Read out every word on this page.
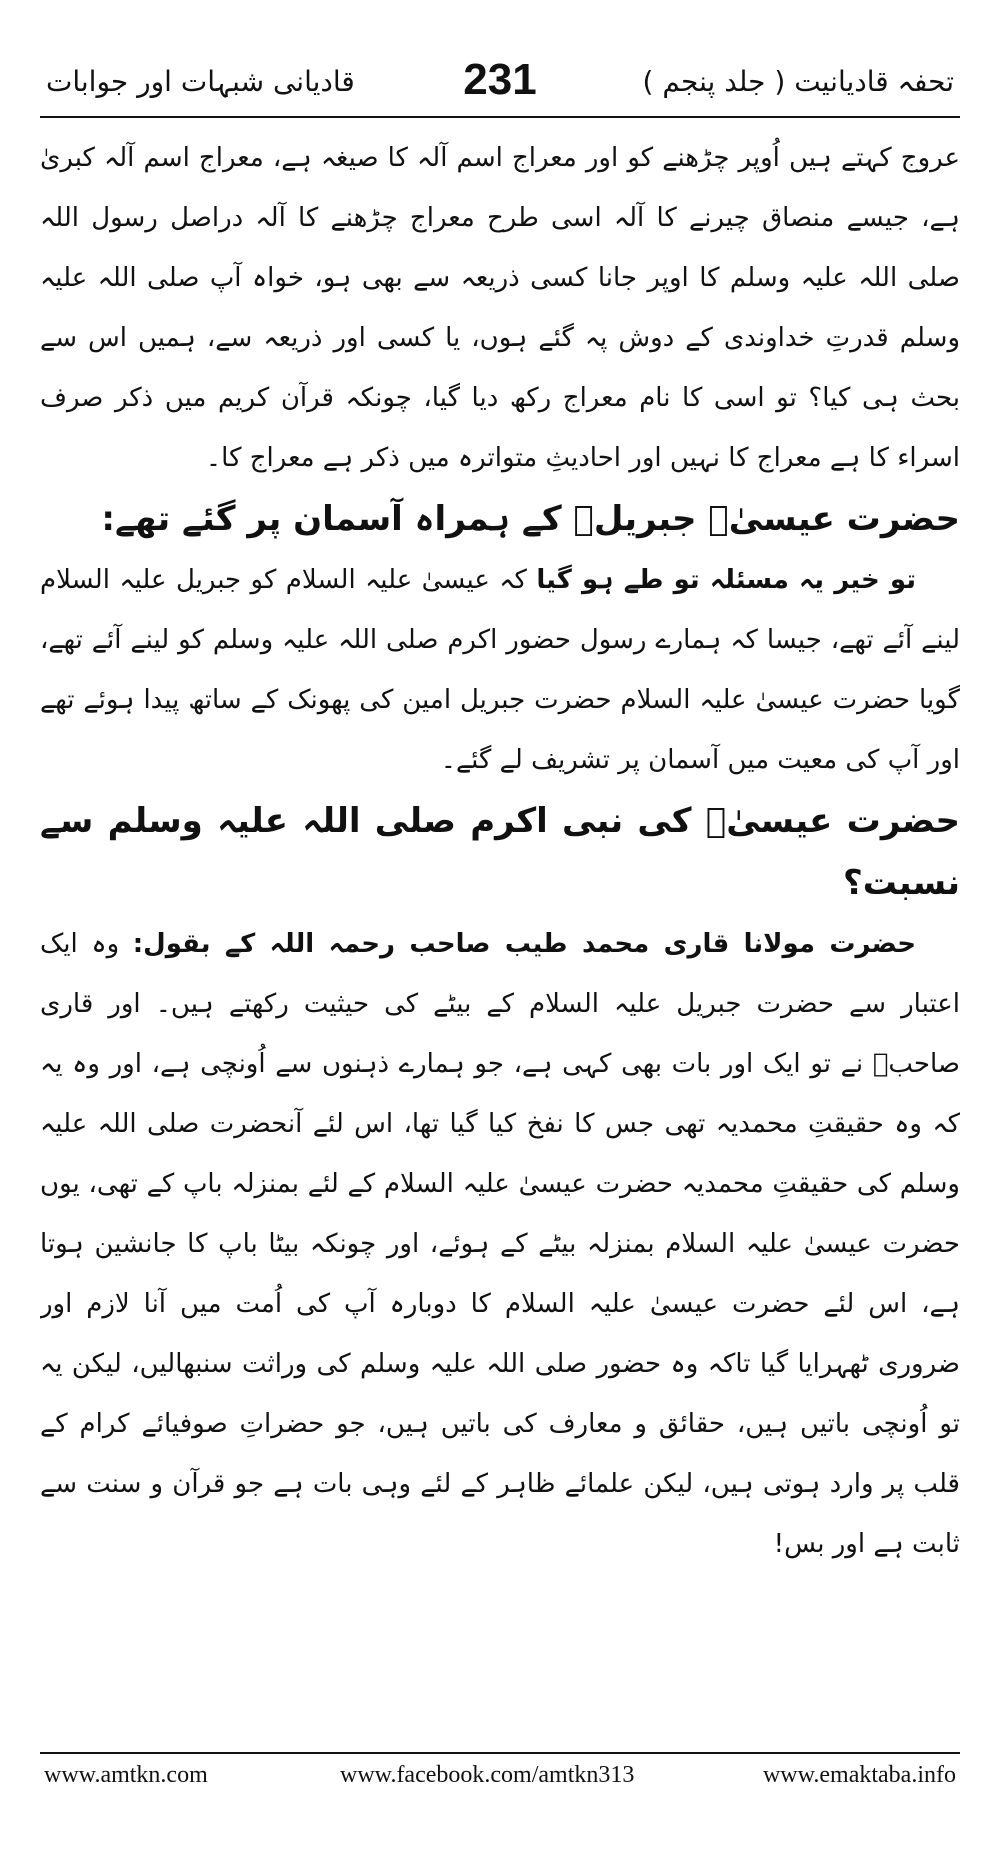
قادیانی شبہات اور جوابات	231	تحفہ قادیانیت ( جلد پنجم )

عروج کہتے ہیں اُوپر چڑھنے کو اور معراج اسم آلہ کا صیغہ ہے، معراج اسم آلہ کبریٰ ہے، جیسے منصاق چیرنے کا آلہ اسی طرح معراج چڑھنے کا آلہ دراصل رسول اللہ صلی اللہ علیہ وسلم کا اوپر جانا کسی ذریعہ سے بھی ہو، خواہ آپ صلی اللہ علیہ وسلم قدرتِ خداوندی کے دوش پہ گئے ہوں، یا کسی اور ذریعہ سے، ہمیں اس سے بحث ہی کیا؟ تو اسی کا نام معراج رکھ دیا گیا، چونکہ قرآن کریم میں ذکر صرف اسراء کا ہے معراج کا نہیں اور احادیثِ متواترہ میں ذکر ہے معراج کا۔

حضرت عیسیٰؑ جبریلؑ کے ہمراہ آسمان پر گئے تھے:

تو خیر یہ مسئلہ تو طے ہو گیا کہ عیسیٰ علیہ السلام کو جبریل علیہ السلام لینے آئے تھے، جیسا کہ ہمارے رسول حضور اکرم صلی اللہ علیہ وسلم کو لینے آئے تھے، گویا حضرت عیسیٰ علیہ السلام حضرت جبریل امین کی پھونک کے ساتھ پیدا ہوئے تھے اور آپ کی معیت میں آسمان پر تشریف لے گئے۔

حضرت عیسیٰؑ کی نبی اکرم صلی اللہ علیہ وسلم سے نسبت؟

حضرت مولانا قاری محمد طیب صاحب رحمہ اللہ کے بقول: وہ ایک اعتبار سے حضرت جبریل علیہ السلام کے بیٹے کی حیثیت رکھتے ہیں۔ اور قاری صاحبؒ نے تو ایک اور بات بھی کہی ہے، جو ہمارے ذہنوں سے اُونچی ہے، اور وہ یہ کہ وہ حقیقتِ محمدیہ تھی جس کا نفخ کیا گیا تھا، اس لئے آنحضرت صلی اللہ علیہ وسلم کی حقیقتِ محمدیہ حضرت عیسیٰ علیہ السلام کے لئے بمنزلہ باپ کے تھی، یوں حضرت عیسیٰ علیہ السلام بمنزلہ بیٹے کے ہوئے، اور چونکہ بیٹا باپ کا جانشین ہوتا ہے، اس لئے حضرت عیسیٰ علیہ السلام کا دوبارہ آپ کی اُمت میں آنا لازم اور ضروری ٹھہرایا گیا تاکہ وہ حضور صلی اللہ علیہ وسلم کی وراثت سنبھالیں، لیکن یہ تو اُونچی باتیں ہیں، حقائق و معارف کی باتیں ہیں، جو حضراتِ صوفیائے کرام کے قلب پر وارد ہوتی ہیں، لیکن علمائے ظاہر کے لئے وہی بات ہے جو قرآن و سنت سے ثابت ہے اور بس!

www.amtkn.com	www.facebook.com/amtkn313	www.emaktaba.info
